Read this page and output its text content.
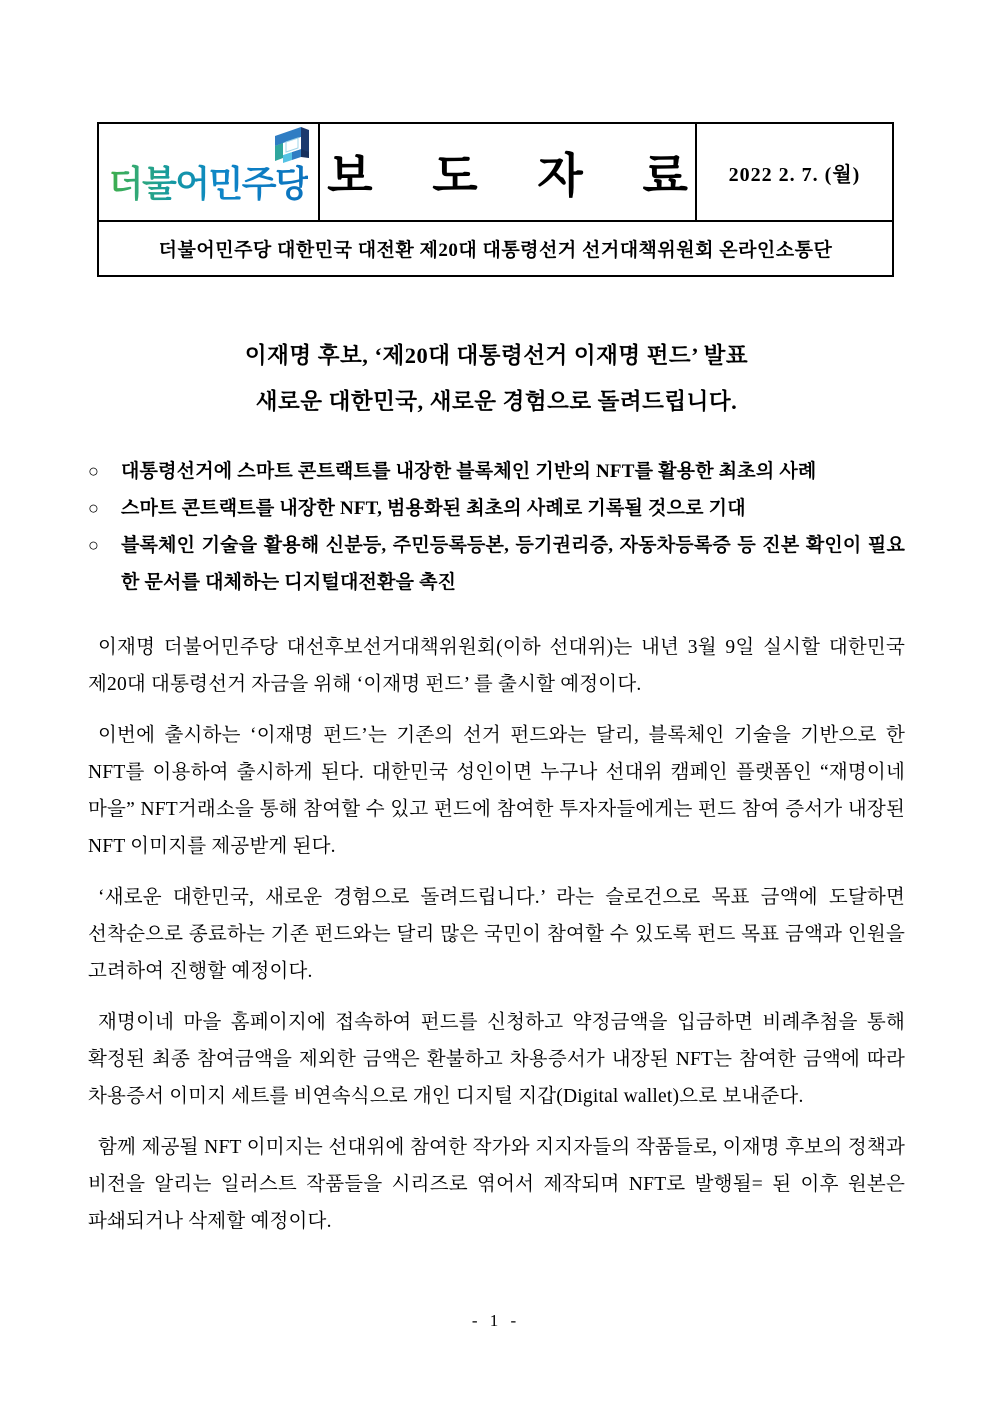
더불어민주당 보 도 자 료 2022 2. 7. (월)
더불어민주당 대한민국 대전환 제20대 대통령선거 선거대책위원회 온라인소통단
이재명 후보, ‘제20대 대통령선거 이재명 펀드’ 발표
새로운 대한민국, 새로운 경험으로 돌려드립니다.
○	대통령선거에 스마트 콘트랙트를 내장한 블록체인 기반의 NFT를 활용한 최초의 사례
○	스마트 콘트랙트를 내장한 NFT, 범용화된 최초의 사례로 기록될 것으로 기대
○	블록체인 기술을 활용해 신분등, 주민등록등본, 등기권리증, 자동차등록증 등 진본 확인이 필요한 문서를 대체하는 디지털대전환을 촉진

이재명 더불어민주당 대선후보선거대책위원회(이하 선대위)는 내년 3월 9일 실시할 대한민국 제20대 대통령선거 자금을 위해 ‘이재명 펀드’ 를 출시할 예정이다.

이번에 출시하는 ‘이재명 펀드’는 기존의 선거 펀드와는 달리, 블록체인 기술을 기반으로 한 NFT를 이용하여 출시하게 된다. 대한민국 성인이면 누구나 선대위 캠페인 플랫폼인 “재명이네 마을” NFT거래소을 통해 참여할 수 있고 펀드에 참여한 투자자들에게는 펀드 참여 증서가 내장된 NFT 이미지를 제공받게 된다.

‘새로운 대한민국, 새로운 경험으로 돌려드립니다.’ 라는 슬로건으로 목표 금액에 도달하면 선착순으로 종료하는 기존 펀드와는 달리 많은 국민이 참여할 수 있도록 펀드 목표 금액과 인원을 고려하여 진행할 예정이다.

재명이네 마을 홈페이지에 접속하여 펀드를 신청하고 약정금액을 입금하면 비례추첨을 통해 확정된 최종 참여금액을 제외한 금액은 환불하고 차용증서가 내장된 NFT는 참여한 금액에 따라 차용증서 이미지 세트를 비연속식으로 개인 디지털 지갑(Digital wallet)으로 보내준다.

함께 제공될 NFT 이미지는 선대위에 참여한 작가와 지지자들의 작품들로, 이재명 후보의 정책과 비전을 알리는 일러스트 작품들을 시리즈로 엮어서 제작되며 NFT로 발행될= 된 이후 원본은 파쇄되거나 삭제할 예정이다.

- 1 -
